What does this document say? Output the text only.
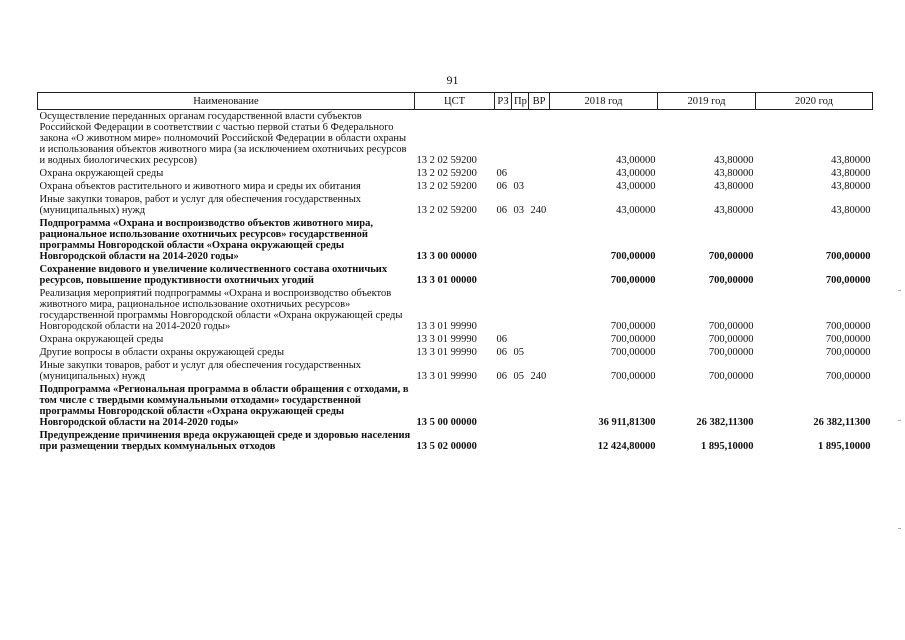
91
Наименование	ЦСТ	РЗ	Пр	ВР	2018 год	2019 год	2020 год
Осуществление переданных органам государственной власти субъектов Российской Федерации в соответствии с частью первой статьи 6 Федерального закона «О животном мире» полномочий Российской Федерации в области охраны и использования объектов животного мира (за исключением охотничьих ресурсов и водных биологических ресурсов)	13 2 02 59200				43,00000	43,80000	43,80000
Охрана окружающей среды	13 2 02 59200	06			43,00000	43,80000	43,80000
Охрана объектов растительного и животного мира и среды их обитания	13 2 02 59200	06	03		43,00000	43,80000	43,80000
Иные закупки товаров, работ и услуг для обеспечения государственных (муниципальных) нужд	13 2 02 59200	06	03	240	43,00000	43,80000	43,80000
Подпрограмма «Охрана и воспроизводство объектов животного мира, рациональное использование охотничьих ресурсов» государственной программы Новгородской области «Охрана окружающей среды Новгородской области на 2014-2020 годы»	13 3 00 00000				700,00000	700,00000	700,00000
Сохранение видового и увеличение количественного состава охотничьих ресурсов, повышение продуктивности охотничьих угодий	13 3 01 00000				700,00000	700,00000	700,00000
Реализация мероприятий подпрограммы «Охрана и воспроизводство объектов животного мира, рациональное использование охотничьих ресурсов» государственной программы Новгородской области «Охрана окружающей среды Новгородской области на 2014-2020 годы»	13 3 01 99990				700,00000	700,00000	700,00000
Охрана окружающей среды	13 3 01 99990	06			700,00000	700,00000	700,00000
Другие вопросы в области охраны окружающей среды	13 3 01 99990	06	05		700,00000	700,00000	700,00000
Иные закупки товаров, работ и услуг для обеспечения государственных (муниципальных) нужд	13 3 01 99990	06	05	240	700,00000	700,00000	700,00000
Подпрограмма «Региональная программа в области обращения с отходами, в том числе с твердыми коммунальными отходами» государственной программы Новгородской области «Охрана окружающей среды Новгородской области на 2014-2020 годы»	13 5 00 00000				36 911,81300	26 382,11300	26 382,11300
Предупреждение причинения вреда окружающей среде и здоровью населения при размещении твердых коммунальных отходов	13 5 02 00000				12 424,80000	1 895,10000	1 895,10000
